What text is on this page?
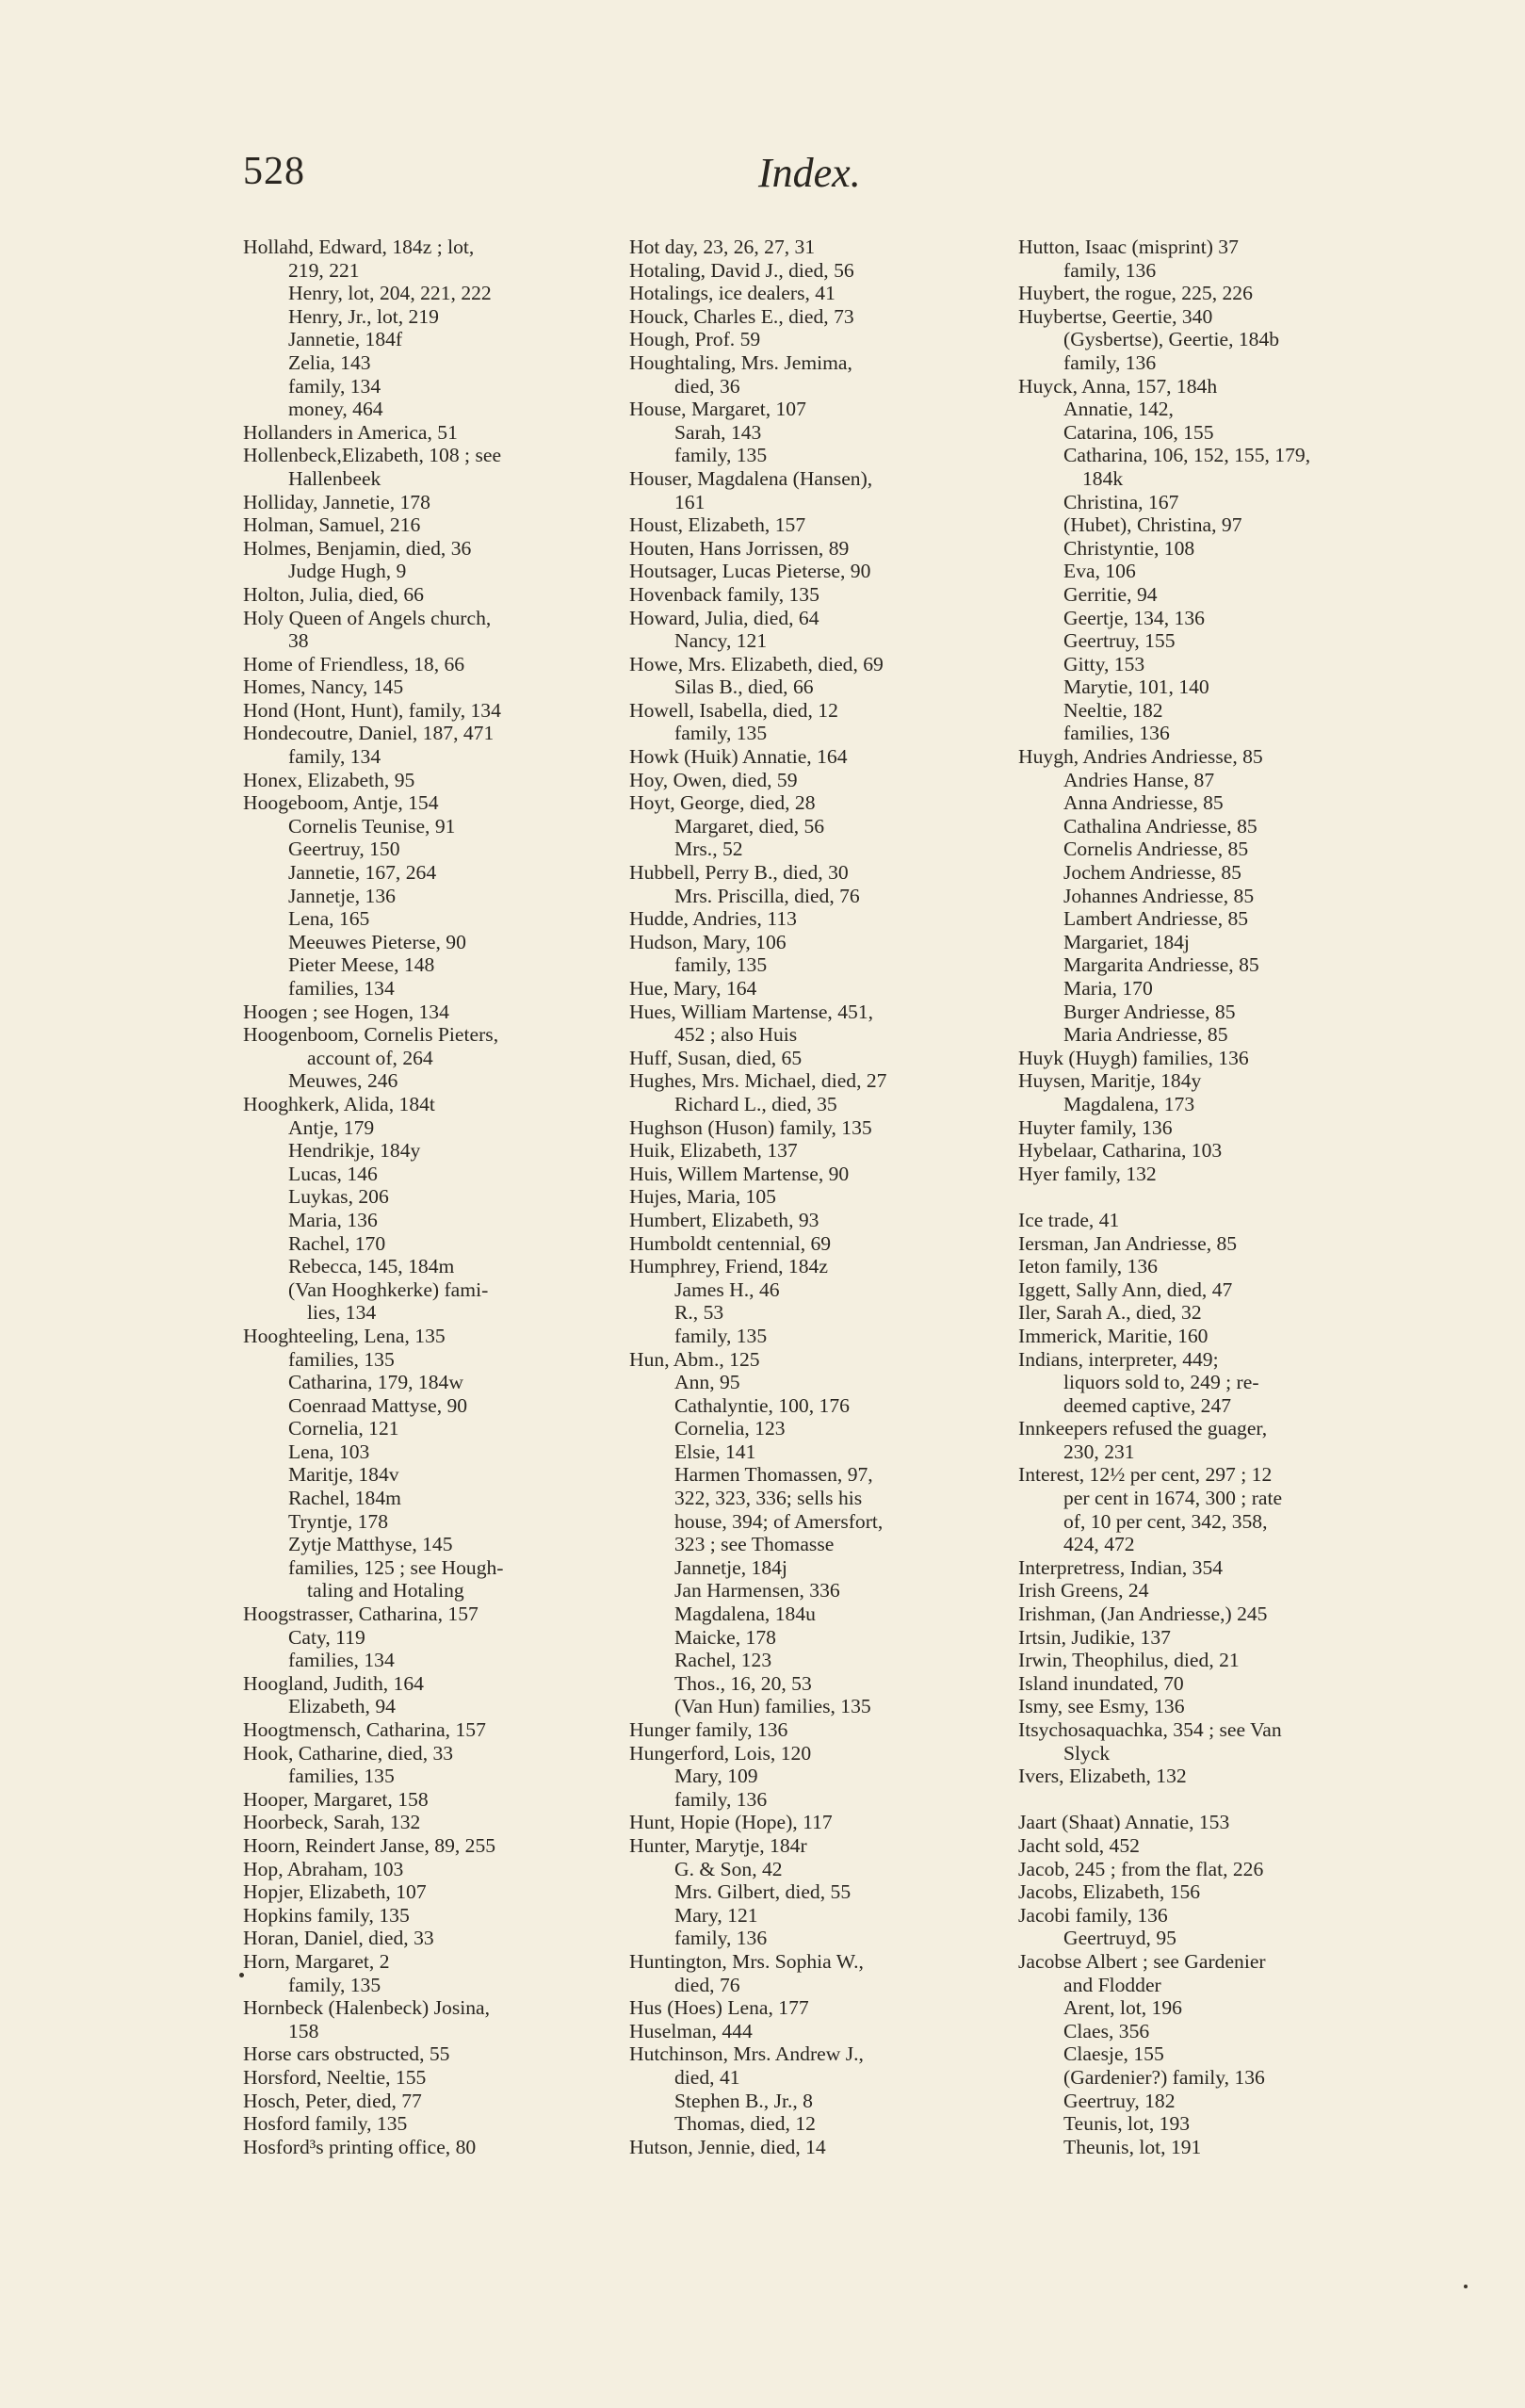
528	Index.
Hollahd, Edward, 184z ; lot,
219, 221
Henry, lot, 204, 221, 222
Henry, Jr., lot, 219
Jannetie, 184f
Zelia, 143
family, 134
money, 464
Hollanders in America, 51
Hollenbeck,Elizabeth, 108 ; see
Hallenbeek
Holliday, Jannetie, 178
Holman, Samuel, 216
Holmes, Benjamin, died, 36
Judge Hugh, 9
Holton, Julia, died, 66
Holy Queen of Angels church,
38
Home of Friendless, 18, 66
Homes, Nancy, 145
Hond (Hont, Hunt), family, 134
Hondecoutre, Daniel, 187, 471
family, 134
Honex, Elizabeth, 95
Hoogeboom, Antje, 154
Cornelis Teunise, 91
Geertruy, 150
Jannetie, 167, 264
Jannetje, 136
Lena, 165
Meeuwes Pieterse, 90
Pieter Meese, 148
families, 134
Hoogen ; see Hogen, 134
Hoogenboom, Cornelis Pieters,
account of, 264
Meuwes, 246
Hooghkerk, Alida, 184t
Antje, 179
Hendrikje, 184y
Lucas, 146
Luykas, 206
Maria, 136
Rachel, 170
Rebecca, 145, 184m
(Van Hooghkerke) fami-
lies, 134
Hooghteeling, Lena, 135
families, 135
Catharina, 179, 184w
Coenraad Mattyse, 90
Cornelia, 121
Lena, 103
Maritje, 184v
Rachel, 184m
Tryntje, 178
Zytje Matthyse, 145
families, 125 ; see Hough-
taling and Hotaling
Hoogstrasser, Catharina, 157
Caty, 119
families, 134
Hoogland, Judith, 164
Elizabeth, 94
Hoogtmensch, Catharina, 157
Hook, Catharine, died, 33
families, 135
Hooper, Margaret, 158
Hoorbeck, Sarah, 132
Hoorn, Reindert Janse, 89, 255
Hop, Abraham, 103
Hopjer, Elizabeth, 107
Hopkins family, 135
Horan, Daniel, died, 33
Horn, Margaret, 2
family, 135
Hornbeck (Halenbeck) Josina,
158
Horse cars obstructed, 55
Horsford, Neeltie, 155
Hosch, Peter, died, 77
Hosford family, 135
Hosford³s printing office, 80
Hot day, 23, 26, 27, 31
Hotaling, David J., died, 56
Hotalings, ice dealers, 41
Houck, Charles E., died, 73
Hough, Prof. 59
Houghtaling, Mrs. Jemima,
died, 36
House, Margaret, 107
Sarah, 143
family, 135
Houser, Magdalena (Hansen),
161
Houst, Elizabeth, 157
Houten, Hans Jorrissen, 89
Houtsager, Lucas Pieterse, 90
Hovenback family, 135
Howard, Julia, died, 64
Nancy, 121
Howe, Mrs. Elizabeth, died, 69
Silas B., died, 66
Howell, Isabella, died, 12
family, 135
Howk (Huik) Annatie, 164
Hoy, Owen, died, 59
Hoyt, George, died, 28
Margaret, died, 56
Mrs., 52
Hubbell, Perry B., died, 30
Mrs. Priscilla, died, 76
Hudde, Andries, 113
Hudson, Mary, 106
family, 135
Hue, Mary, 164
Hues, William Martense, 451,
452 ; also Huis
Huff, Susan, died, 65
Hughes, Mrs. Michael, died, 27
Richard L., died, 35
Hughson (Huson) family, 135
Huik, Elizabeth, 137
Huis, Willem Martense, 90
Hujes, Maria, 105
Humbert, Elizabeth, 93
Humboldt centennial, 69
Humphrey, Friend, 184z
James H., 46
R., 53
family, 135
Hun, Abm., 125
Ann, 95
Cathalyntie, 100, 176
Cornelia, 123
Elsie, 141
Harmen Thomassen, 97,
322, 323, 336; sells his
house, 394; of Amersfort,
323 ; see Thomasse
Jannetje, 184j
Jan Harmensen, 336
Magdalena, 184u
Maicke, 178
Rachel, 123
Thos., 16, 20, 53
(Van Hun) families, 135
Hunger family, 136
Hungerford, Lois, 120
Mary, 109
family, 136
Hunt, Hopie (Hope), 117
Hunter, Marytje, 184r
G. & Son, 42
Mrs. Gilbert, died, 55
Mary, 121
family, 136
Huntington, Mrs. Sophia W.,
died, 76
Hus (Hoes) Lena, 177
Huselman, 444
Hutchinson, Mrs. Andrew J.,
died, 41
Stephen B., Jr., 8
Thomas, died, 12
Hutson, Jennie, died, 14
Hutton, Isaac (misprint) 37
family, 136
Huybert, the rogue, 225, 226
Huybertse, Geertie, 340
(Gysbertse), Geertie, 184b
family, 136
Huyck, Anna, 157, 184h
Annatie, 142,
Catarina, 106, 155
Catharina, 106, 152, 155, 179,
184k
Christina, 167
(Hubet), Christina, 97
Christyntie, 108
Eva, 106
Gerritie, 94
Geertje, 134, 136
Geertruy, 155
Gitty, 153
Marytie, 101, 140
Neeltie, 182
families, 136
Huygh, Andries Andriesse, 85
Andries Hanse, 87
Anna Andriesse, 85
Cathalina Andriesse, 85
Cornelis Andriesse, 85
Jochem Andriesse, 85
Johannes Andriesse, 85
Lambert Andriesse, 85
Margariet, 184j
Margarita Andriesse, 85
Maria, 170
Burger Andriesse, 85
Maria Andriesse, 85
Huyk (Huygh) families, 136
Huysen, Maritje, 184y
Magdalena, 173
Huyter family, 136
Hybelaar, Catharina, 103
Hyer family, 132
Ice trade, 41
Iersman, Jan Andriesse, 85
Ieton family, 136
Iggett, Sally Ann, died, 47
Iler, Sarah A., died, 32
Immerick, Maritie, 160
Indians, interpreter, 449;
liquors sold to, 249 ; re-
deemed captive, 247
Innkeepers refused the guager,
230, 231
Interest, 12½ per cent, 297 ; 12
per cent in 1674, 300 ; rate
of, 10 per cent, 342, 358,
424, 472
Interpretress, Indian, 354
Irish Greens, 24
Irishman, (Jan Andriesse,) 245
Irtsin, Judikie, 137
Irwin, Theophilus, died, 21
Island inundated, 70
Ismy, see Esmy, 136
Itsychosaquachka, 354 ; see Van
Slyck
Ivers, Elizabeth, 132
Jaart (Shaat) Annatie, 153
Jacht sold, 452
Jacob, 245 ; from the flat, 226
Jacobs, Elizabeth, 156
Jacobi family, 136
Geertruyd, 95
Jacobse Albert ; see Gardenier
and Flodder
Arent, lot, 196
Claes, 356
Claesje, 155
(Gardenier?) family, 136
Geertruy, 182
Teunis, lot, 193
Theunis, lot, 191
